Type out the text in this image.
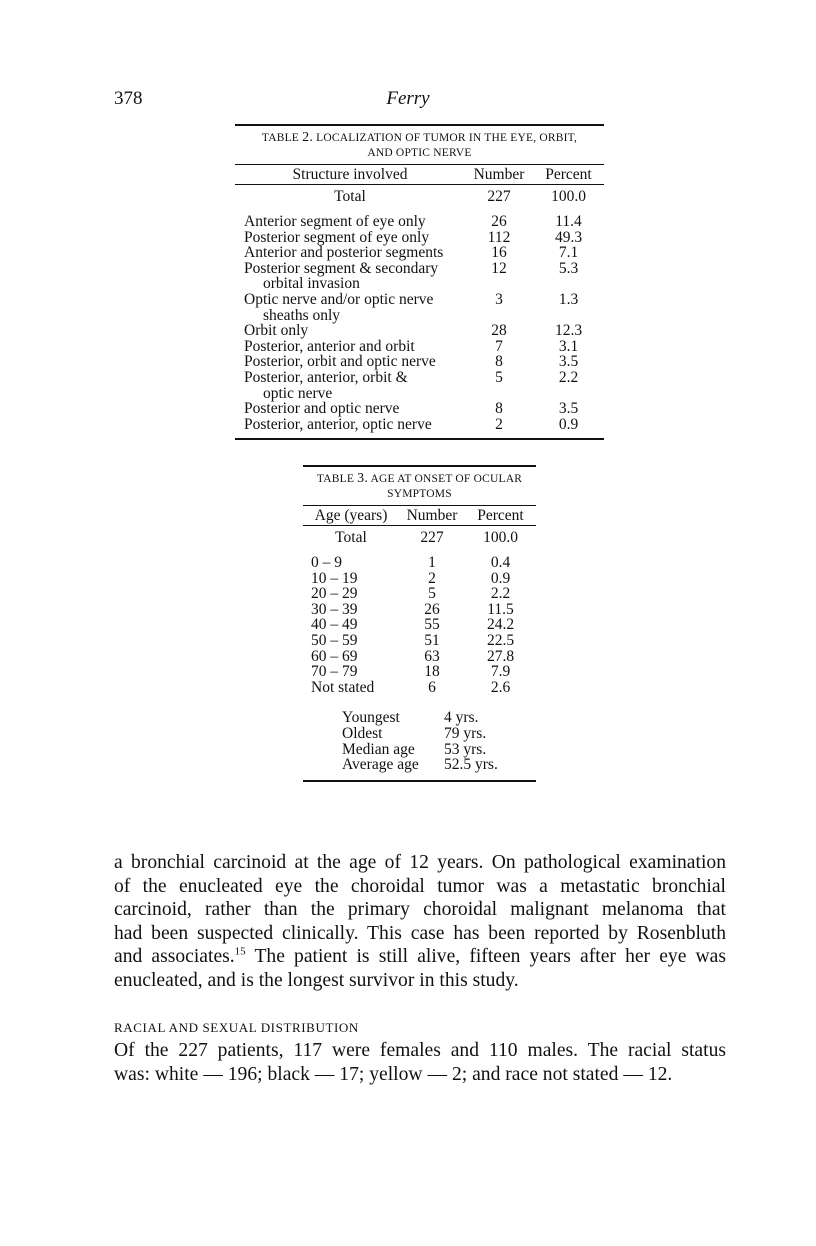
378	Ferry
TABLE 2. LOCALIZATION OF TUMOR IN THE EYE, ORBIT,
AND OPTIC NERVE
Structure involved	Number	Percent
Total	227	100.0
Anterior segment of eye only	26	11.4
Posterior segment of eye only	112	49.3
Anterior and posterior segments	16	7.1
Posterior segment & secondary
orbital invasion
12	5.3
Optic nerve and/or optic nerve
sheaths only
3	1.3
Orbit only	28	12.3
Posterior, anterior and orbit	7	3.1
Posterior, orbit and optic nerve	8	3.5
Posterior, anterior, orbit &
optic nerve
5	2.2
Posterior and optic nerve	8	3.5
Posterior, anterior, optic nerve	2	0.9
TABLE 3. AGE AT ONSET OF OCULAR
SYMPTOMS
Age (years)	Number	Percent
Total	227	100.0
0 – 9	1	0.4
10 – 19	2	0.9
20 – 29	5	2.2
30 – 39	26	11.5
40 – 49	55	24.2
50 – 59	51	22.5
60 – 69	63	27.8
70 – 79	18	7.9
Not stated	6	2.6
Youngest	4 yrs.
Oldest	79 yrs.
Median age	53 yrs.
Average age	52.5 yrs.
a bronchial carcinoid at the age of 12 years. On pathological examination
of the enucleated eye the choroidal tumor was a metastatic bronchial
carcinoid, rather than the primary choroidal malignant melanoma that
had been suspected clinically. This case has been reported by Rosenbluth
and associates.$^{15}$ The patient is still alive, fifteen years after her eye was
enucleated, and is the longest survivor in this study.
RACIAL AND SEXUAL DISTRIBUTION
Of the 227 patients, 117 were females and 110 males. The racial status
was: white — 196; black — 17; yellow — 2; and race not stated — 12.
